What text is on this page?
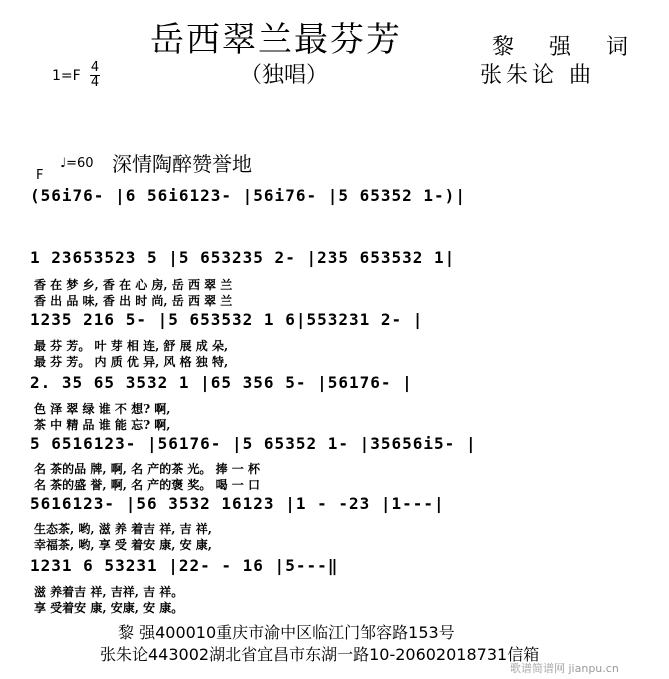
岳西翠兰最芬芳
（独唱）
黎 强 词
张朱论 曲
1=F
4
4
F
♩=60 深情陶醉赞誉地
(56i76- |6 56i6123- |56i76- |5 65352 1-)|
1 23653523 5 |5 653235 2- |235 653532 1|
香 在 梦 乡, 香 在 心 房, 岳 西 翠 兰
香 出 品 味, 香 出 时 尚, 岳 西 翠 兰
1235 216 5- |5 653532 1 6|553231 2- |
最 芬 芳。 叶 芽 相 连, 舒 展 成 朵,
最 芬 芳。 内 质 优 异, 风 格 独 特,
2. 35 65 3532 1 |65 356 5- |56176- |
色 泽 翠 绿 谁 不 想? 啊,
茶 中 精 品 谁 能 忘? 啊,
5 6516123- |56176- |5 65352 1- |35656i5- |
名 茶的品 牌, 啊, 名 产的茶 光。 捧 一 杯
名 茶的盛 誉, 啊, 名 产的褒 奖。 喝 一 口
5616123- |56 3532 16123 |1 - -23 |1---|
生态茶, 哟, 滋 养 着吉 祥, 吉 祥,
幸福茶, 哟, 享 受 着安 康, 安 康,
1231 6 53231 |22- - 16 |5---‖
滋 养着吉 祥, 吉祥, 吉 祥。
享 受着安 康, 安康, 安 康。
黎 强400010重庆市渝中区临江门邹容路153号
张朱论443002湖北省宜昌市东湖一路10-20602018731信箱
歌谱简谱网 jianpu.cn
